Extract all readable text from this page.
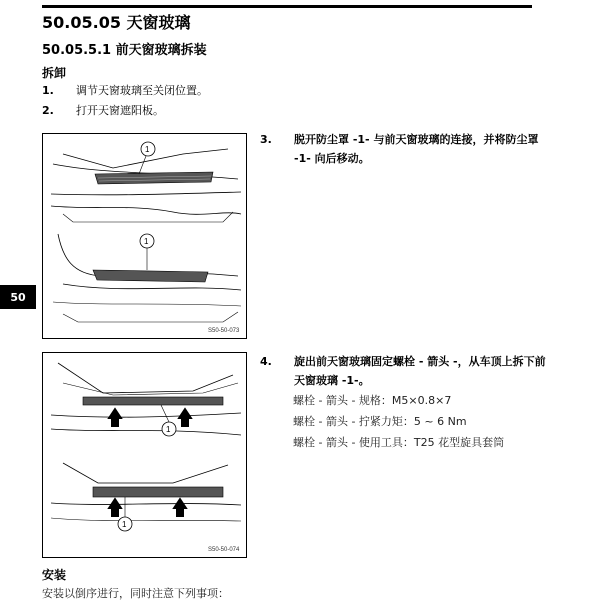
50.05.05 天窗玻璃
50.05.5.1 前天窗玻璃拆装
拆卸
1. 调节天窗玻璃至关闭位置。
2. 打开天窗遮阳板。
S50-50-073
1
1
3. 脱开防尘罩 -1- 与前天窗玻璃的连接，并将防尘罩 -1- 向后移动。
50
S50-50-074
1
1
4. 旋出前天窗玻璃固定螺栓 - 箭头 -，从车顶上拆下前天窗玻璃 -1-。
螺栓 - 箭头 - 规格：M5×0.8×7
螺栓 - 箭头 - 拧紧力矩：5 ~ 6 Nm
螺栓 - 箭头 - 使用工具：T25 花型旋具套筒
安装
安装以倒序进行，同时注意下列事项：
